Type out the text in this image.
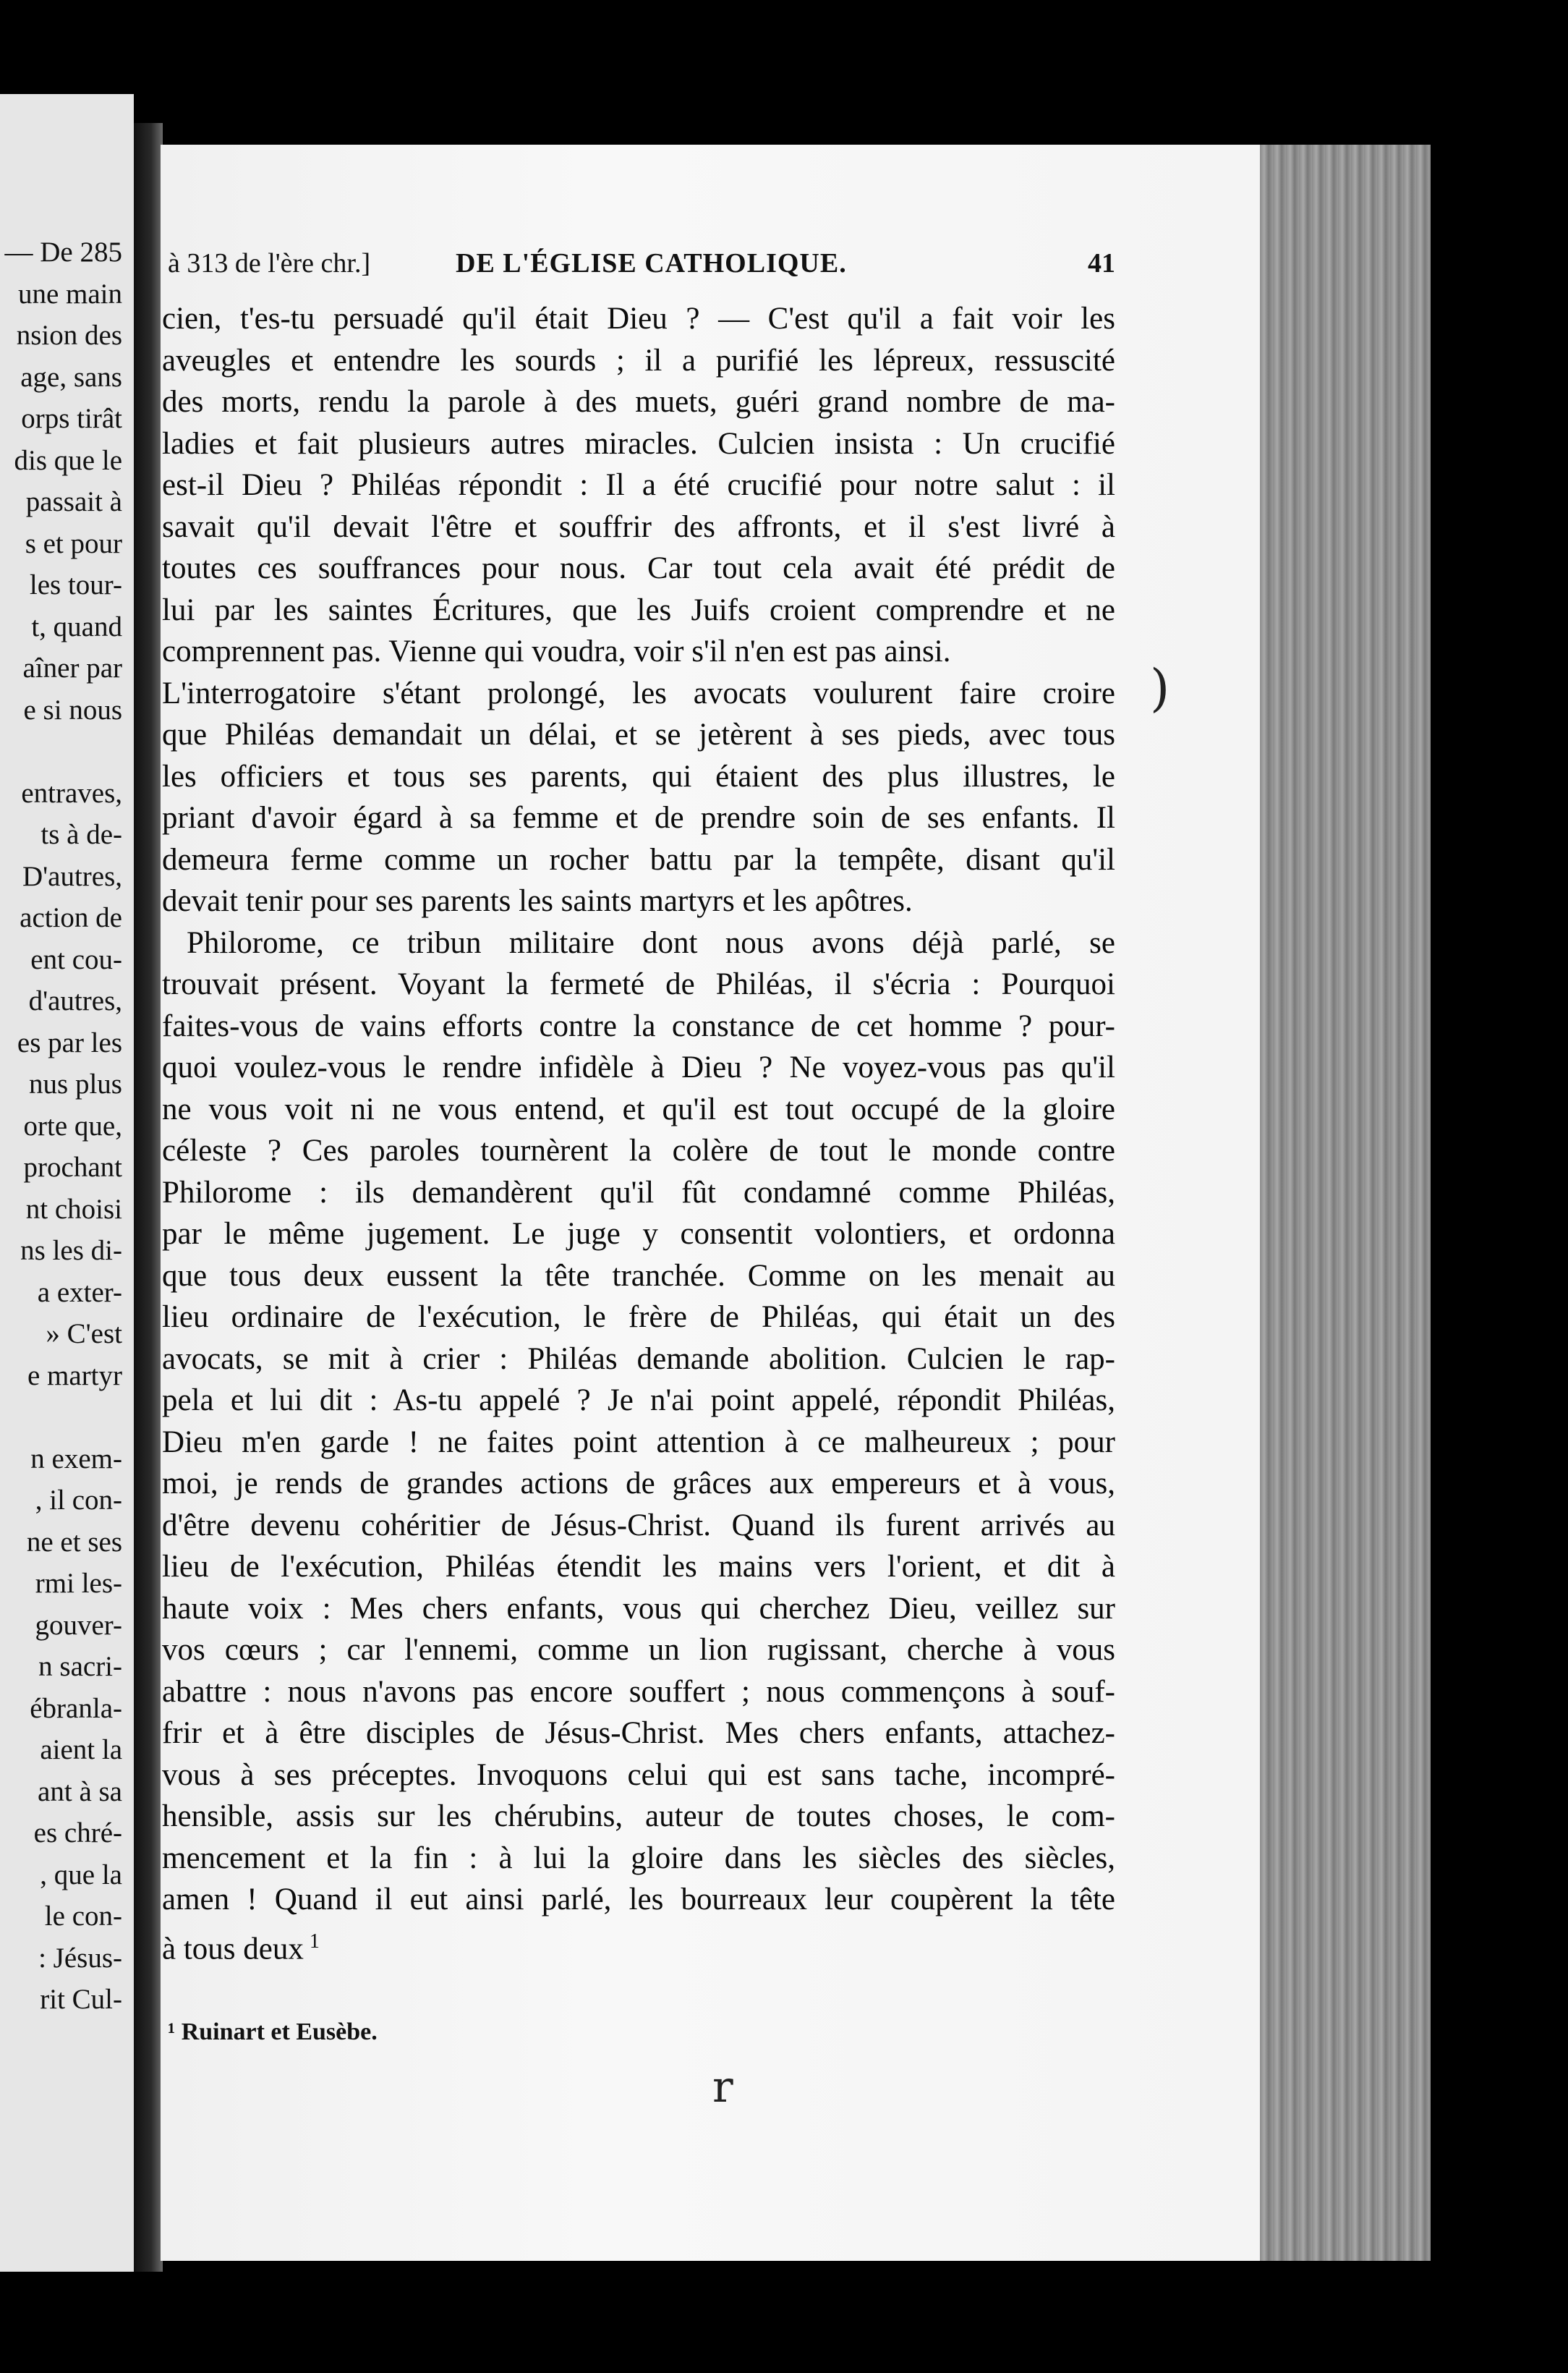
— De 285
une main
nsion des
age, sans
orps tirât
dis que le
passait à
s et pour
les tour-
t, quand
aîner par
e si nous
entraves,
ts à de-
D'autres,
action de
ent cou-
d'autres,
es par les
nus plus
orte que,
prochant
nt choisi
ns les di-
a exter-
» C'est
e martyr
n exem-
, il con-
ne et ses
rmi les-
gouver-
n sacri-
ébranla-
aient la
ant à sa
es chré-
, que la
le con-
: Jésus-
rit Cul-
à 313 de l'ère chr.]	DE L'ÉGLISE CATHOLIQUE.	41
cien, t'es-tu persuadé qu'il était Dieu ? — C'est qu'il a fait voir les
aveugles et entendre les sourds ; il a purifié les lépreux, ressuscité
des morts, rendu la parole à des muets, guéri grand nombre de ma-
ladies et fait plusieurs autres miracles. Culcien insista : Un crucifié
est-il Dieu ? Philéas répondit : Il a été crucifié pour notre salut : il
savait qu'il devait l'être et souffrir des affronts, et il s'est livré à
toutes ces souffrances pour nous. Car tout cela avait été prédit de
lui par les saintes Écritures, que les Juifs croient comprendre et ne
comprennent pas. Vienne qui voudra, voir s'il n'en est pas ainsi.
L'interrogatoire s'étant prolongé, les avocats voulurent faire croire
que Philéas demandait un délai, et se jetèrent à ses pieds, avec tous
les officiers et tous ses parents, qui étaient des plus illustres, le
priant d'avoir égard à sa femme et de prendre soin de ses enfants. Il
demeura ferme comme un rocher battu par la tempête, disant qu'il
devait tenir pour ses parents les saints martyrs et les apôtres.
Philorome, ce tribun militaire dont nous avons déjà parlé, se
trouvait présent. Voyant la fermeté de Philéas, il s'écria : Pourquoi
faites-vous de vains efforts contre la constance de cet homme ? pour-
quoi voulez-vous le rendre infidèle à Dieu ? Ne voyez-vous pas qu'il
ne vous voit ni ne vous entend, et qu'il est tout occupé de la gloire
céleste ? Ces paroles tournèrent la colère de tout le monde contre
Philorome : ils demandèrent qu'il fût condamné comme Philéas,
par le même jugement. Le juge y consentit volontiers, et ordonna
que tous deux eussent la tête tranchée. Comme on les menait au
lieu ordinaire de l'exécution, le frère de Philéas, qui était un des
avocats, se mit à crier : Philéas demande abolition. Culcien le rap-
pela et lui dit : As-tu appelé ? Je n'ai point appelé, répondit Philéas,
Dieu m'en garde ! ne faites point attention à ce malheureux ; pour
moi, je rends de grandes actions de grâces aux empereurs et à vous,
d'être devenu cohéritier de Jésus-Christ. Quand ils furent arrivés au
lieu de l'exécution, Philéas étendit les mains vers l'orient, et dit à
haute voix : Mes chers enfants, vous qui cherchez Dieu, veillez sur
vos cœurs ; car l'ennemi, comme un lion rugissant, cherche à vous
abattre : nous n'avons pas encore souffert ; nous commençons à souf-
frir et à être disciples de Jésus-Christ. Mes chers enfants, attachez-
vous à ses préceptes. Invoquons celui qui est sans tache, incompré-
hensible, assis sur les chérubins, auteur de toutes choses, le com-
mencement et la fin : à lui la gloire dans les siècles des siècles,
amen ! Quand il eut ainsi parlé, les bourreaux leur coupèrent la tête
à tous deux $^1$
¹ Ruinart et Eusèbe.
)
r
